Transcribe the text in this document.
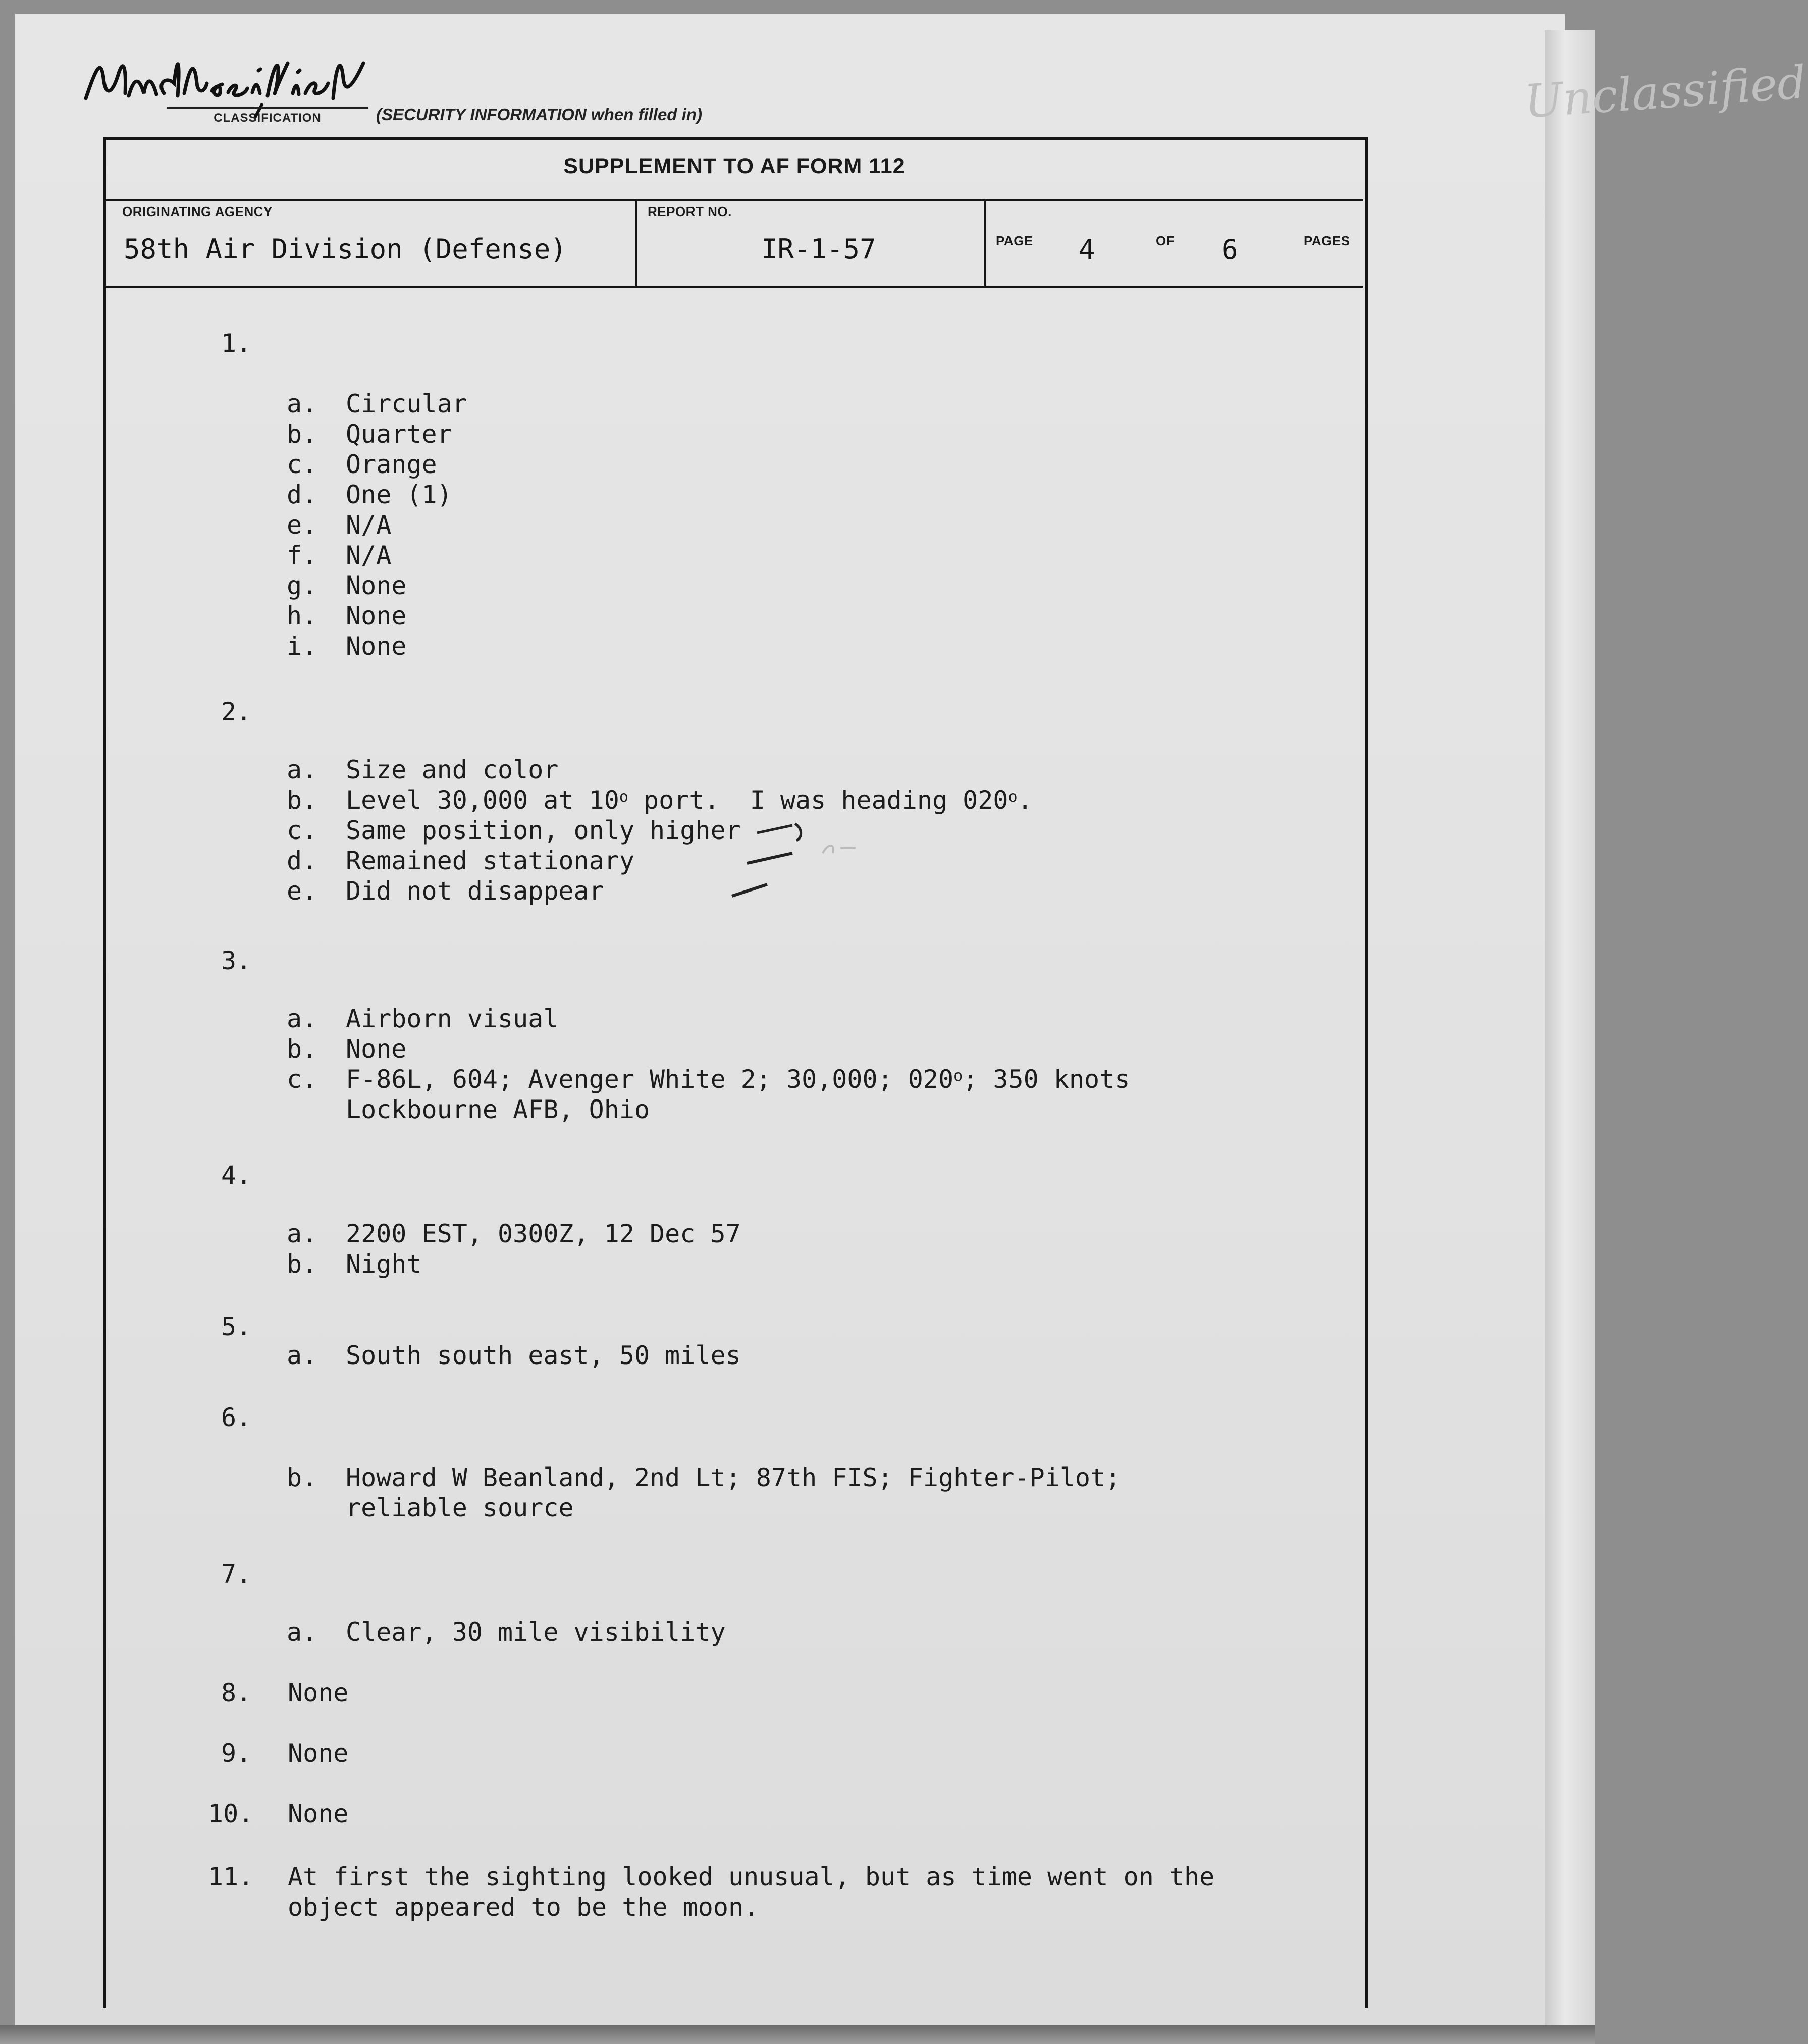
Unclassified
CLASSIFICATION	(SECURITY INFORMATION when filled in)
SUPPLEMENT TO AF FORM 112
ORIGINATING AGENCY
58th Air Division (Defense)
REPORT NO.
IR-1-57	PAGE 4	OF 6	PAGES
1.
a. Circular
b. Quarter
c. Orange
d. One (1)
e. N/A
f. N/A
g. None
h. None
i. None
2.
a. Size and color
b. Level 30,000 at 10$^o$ port.  I was heading 020$^o$.
c. Same position, only higher
d. Remained stationary
e. Did not disappear
3.
a. Airborn visual
b. None
c. F-86L, 604; Avenger White 2; 30,000; 020$^o$; 350 knots
Lockbourne AFB, Ohio
4.
a. 2200 EST, 0300Z, 12 Dec 57
b. Night
5.
a. South south east, 50 miles
6.
b. Howard W Beanland, 2nd Lt; 87th FIS; Fighter-Pilot;
reliable source
7.
a. Clear, 30 mile visibility
8. None
9. None
10. None
11. At first the sighting looked unusual, but as time went on the
object appeared to be the moon.
